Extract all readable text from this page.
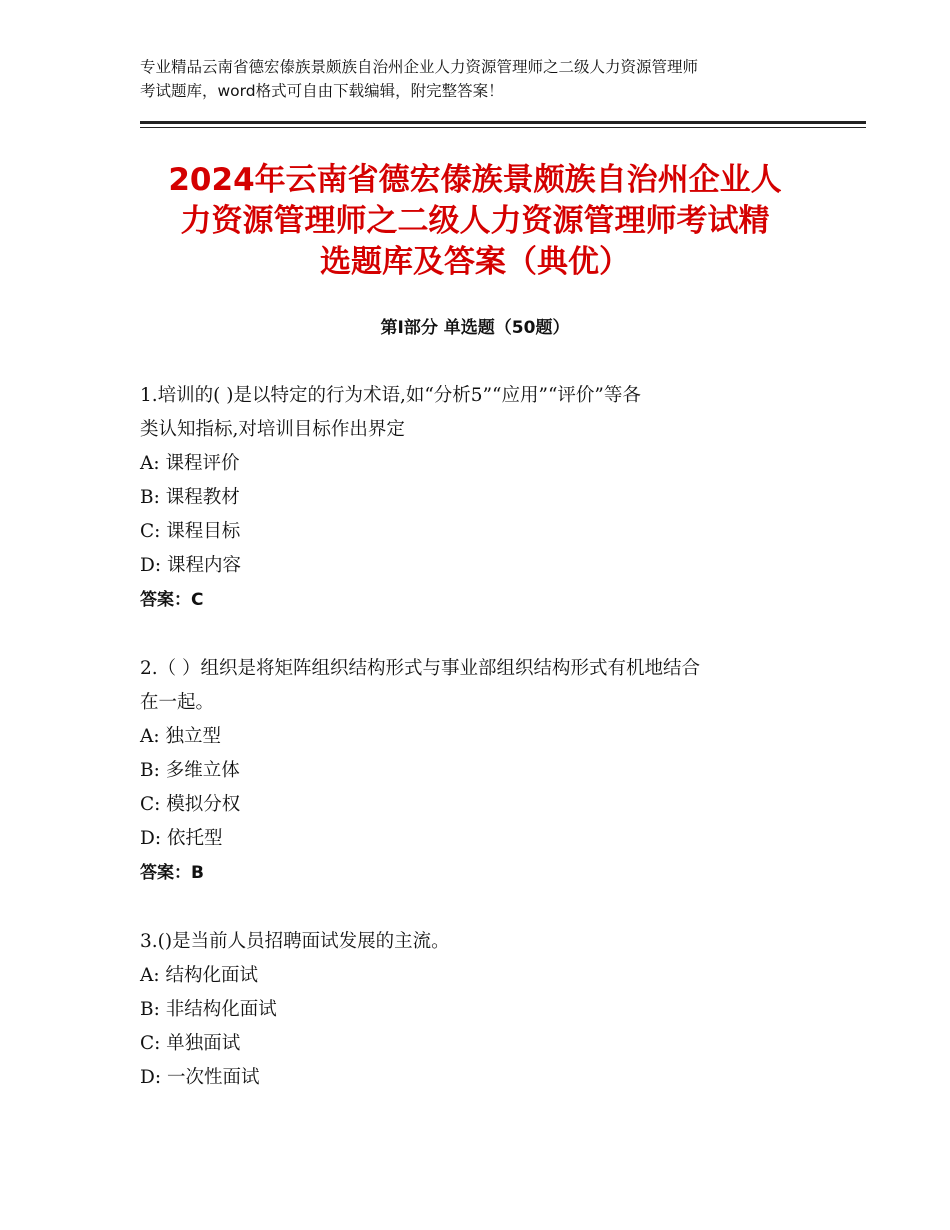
专业精品云南省德宏傣族景颇族自治州企业人力资源管理师之二级人力资源管理师
考试题库，word格式可自由下载编辑，附完整答案！
2024年云南省德宏傣族景颇族自治州企业人
力资源管理师之二级人力资源管理师考试精
选题库及答案（典优）
第Ⅰ部分 单选题（50题）
1.培训的( )是以特定的行为术语,如“分析5”“应用”“评价”等各
类认知指标,对培训目标作出界定
A: 课程评价
B: 课程教材
C: 课程目标
D: 课程内容
答案：C
2.（ ）组织是将矩阵组织结构形式与事业部组织结构形式有机地结合
在一起。
A: 独立型
B: 多维立体
C: 模拟分权
D: 依托型
答案：B
3.()是当前人员招聘面试发展的主流。
A: 结构化面试
B: 非结构化面试
C: 单独面试
D: 一次性面试
